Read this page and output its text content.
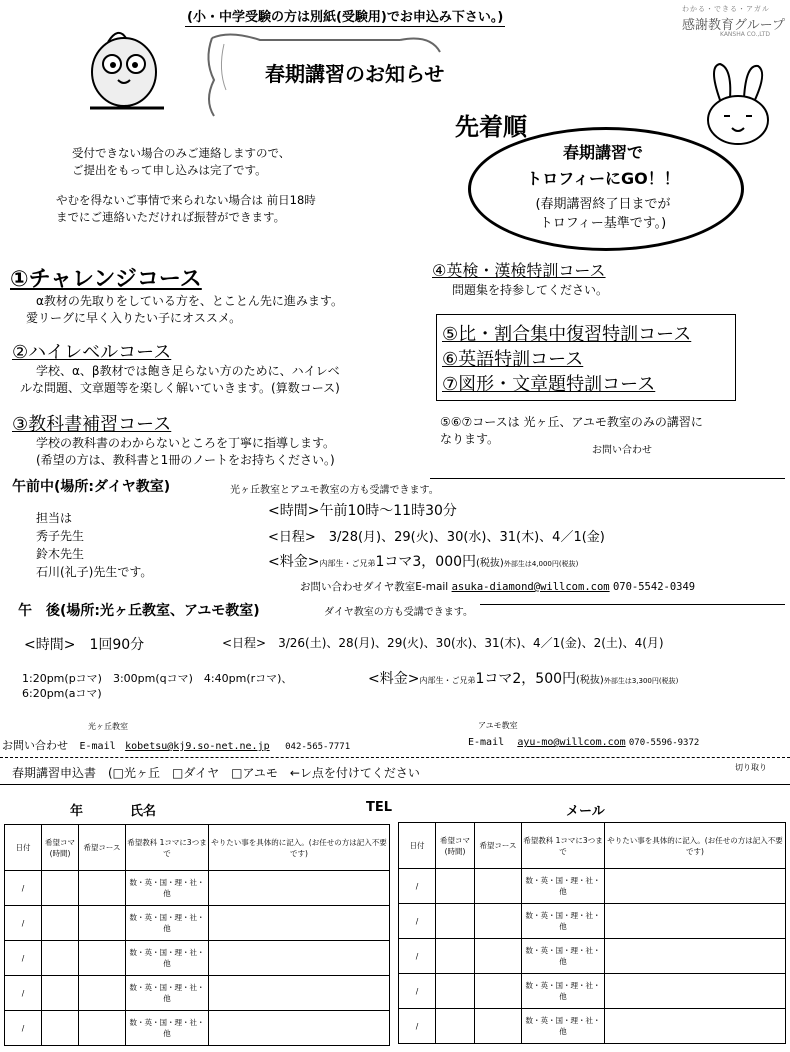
(小・中学受験の方は別紙(受験用)でお申込み下さい。)
わかる・できる・アガル
感謝教育グループ
KANSHA CO.,LTD
春期講習のお知らせ
先着順
春期講習で
トロフィーにGO！！
(春期講習終了日までが
トロフィー基準です。)
受付できない場合のみご連絡しますので、
ご提出をもって申し込みは完了です。
やむを得ないご事情で来られない場合は 前日18時
までにご連絡いただければ振替ができます。
①チャレンジコース
α教材の先取りをしている方を、とことん先に進みます。
愛リーグに早く入りたい子にオススメ。
②ハイレベルコース
学校、α、β教材では飽き足らない方のために、ハイレベ
ルな問題、文章題等を楽しく解いていきます。(算数コース)
③教科書補習コース
学校の教科書のわからないところを丁寧に指導します。
(希望の方は、教科書と1冊のノートをお持ちください。)
④英検・漢検特訓コース
問題集を持参してください。
⑤比・割合集中復習特訓コース
⑥英語特訓コース
⑦図形・文章題特訓コース
⑤⑥⑦コースは 光ヶ丘、アユモ教室のみの講習に
なります。
お問い合わせ
午前中(場所:ダイヤ教室)	光ヶ丘教室とアユモ教室の方も受講できます。
担当は
秀子先生
鈴木先生
石川(礼子)先生です。
<時間>午前10時～11時30分
<日程>　3/28(月)、29(火)、30(水)、31(木)、4／1(金)
<料金>内部生・ご兄弟1コマ3，000円(税抜)外部生は4,000円(税抜)
お問い合わせダイヤ教室E-mail asuka-diamond@willcom.com 070-5542-0349
午　後(場所:光ヶ丘教室、アユモ教室)	ダイヤ教室の方も受講できます。
<時間>　1回90分	<日程>　3/26(土)、28(月)、29(火)、30(水)、31(木)、4／1(金)、2(土)、4(月)
1:20pm(pコマ)　3:00pm(qコマ)　4:40pm(rコマ)、
6:20pm(aコマ)
<料金>内部生・ご兄弟1コマ2，500円(税抜)外部生は3,300円(税抜)
光ヶ丘教室	アユモ教室
お問い合わせ E-mail kobetsu@kj9.so-net.ne.jp 042-565-7771	E-mail ayu-mo@willcom.com 070-5596-9372
春期講習申込書　(□光ヶ丘　□ダイヤ　□アユモ　←レ点を付けてください	切り取り
年	氏名	TEL	メール
日付	希望コマ(時間)	希望コース	希望教科 1コマに3つまで	やりたい事を具体的に記入。(お任せの方は記入不要です)
/			数・英・国・理・社・他	
/			数・英・国・理・社・他	
/			数・英・国・理・社・他	
/			数・英・国・理・社・他	
/			数・英・国・理・社・他	
日付	希望コマ(時間)	希望コース	希望教科 1コマに3つまで	やりたい事を具体的に記入。(お任せの方は記入不要です)
/			数・英・国・理・社・他	
/			数・英・国・理・社・他	
/			数・英・国・理・社・他	
/			数・英・国・理・社・他	
/			数・英・国・理・社・他	
